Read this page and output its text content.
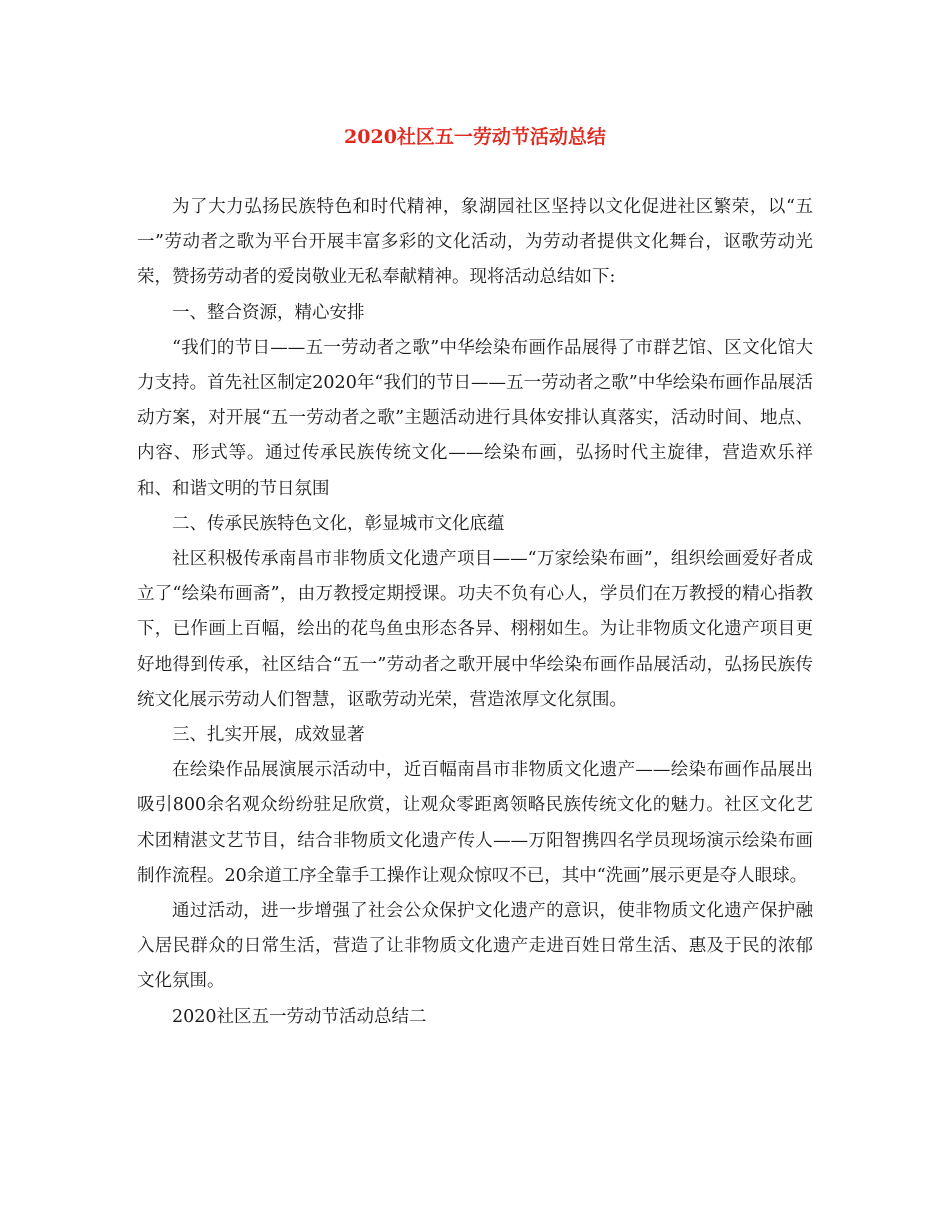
2020社区五一劳动节活动总结

为了大力弘扬民族特色和时代精神，象湖园社区坚持以文化促进社区繁荣，以“五一”劳动者之歌为平台开展丰富多彩的文化活动，为劳动者提供文化舞台，讴歌劳动光荣，赞扬劳动者的爱岗敬业无私奉献精神。现将活动总结如下:

一、整合资源，精心安排

“我们的节日——五一劳动者之歌”中华绘染布画作品展得了市群艺馆、区文化馆大力支持。首先社区制定2020年“我们的节日——五一劳动者之歌”中华绘染布画作品展活动方案，对开展“五一劳动者之歌”主题活动进行具体安排认真落实，活动时间、地点、内容、形式等。通过传承民族传统文化——绘染布画，弘扬时代主旋律，营造欢乐祥和、和谐文明的节日氛围

二、传承民族特色文化，彰显城市文化底蕴

社区积极传承南昌市非物质文化遗产项目——“万家绘染布画”，组织绘画爱好者成立了“绘染布画斋”，由万教授定期授课。功夫不负有心人，学员们在万教授的精心指教下，已作画上百幅，绘出的花鸟鱼虫形态各异、栩栩如生。为让非物质文化遗产项目更好地得到传承，社区结合“五一”劳动者之歌开展中华绘染布画作品展活动，弘扬民族传统文化展示劳动人们智慧，讴歌劳动光荣，营造浓厚文化氛围。

三、扎实开展，成效显著

在绘染作品展演展示活动中，近百幅南昌市非物质文化遗产——绘染布画作品展出吸引800余名观众纷纷驻足欣赏，让观众零距离领略民族传统文化的魅力。社区文化艺术团精湛文艺节目，结合非物质文化遗产传人——万阳智携四名学员现场演示绘染布画制作流程。20余道工序全靠手工操作让观众惊叹不已，其中“洗画”展示更是夺人眼球。

通过活动，进一步增强了社会公众保护文化遗产的意识，使非物质文化遗产保护融入居民群众的日常生活，营造了让非物质文化遗产走进百姓日常生活、惠及于民的浓郁文化氛围。

2020社区五一劳动节活动总结二
